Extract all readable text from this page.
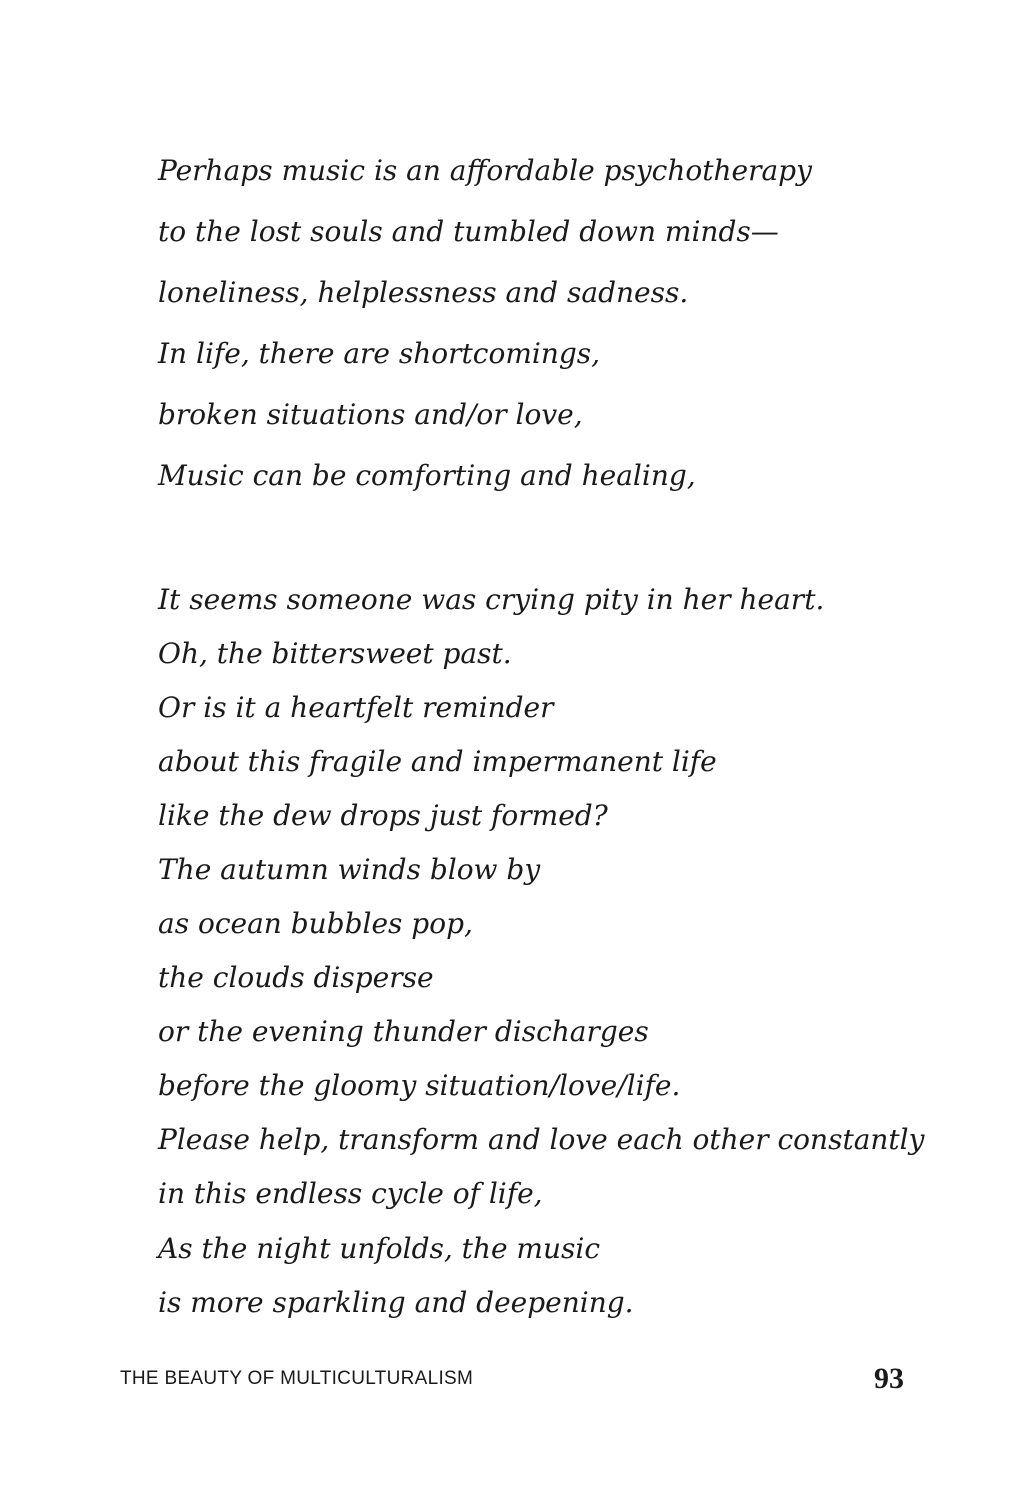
Perhaps music is an affordable psychotherapy
to the lost souls and tumbled down minds—
loneliness, helplessness and sadness.
In life, there are shortcomings,
broken situations and/or love,
Music can be comforting and healing,
It seems someone was crying pity in her heart.
Oh, the bittersweet past.
Or is it a heartfelt reminder
about this fragile and impermanent life
like the dew drops just formed?
The autumn winds blow by
as ocean bubbles pop,
the clouds disperse
or the evening thunder discharges
before the gloomy situation/love/life.
Please help, transform and love each other constantly
in this endless cycle of life,
As the night unfolds, the music
is more sparkling and deepening.
THE BEAUTY OF MULTICULTURALISM	93
